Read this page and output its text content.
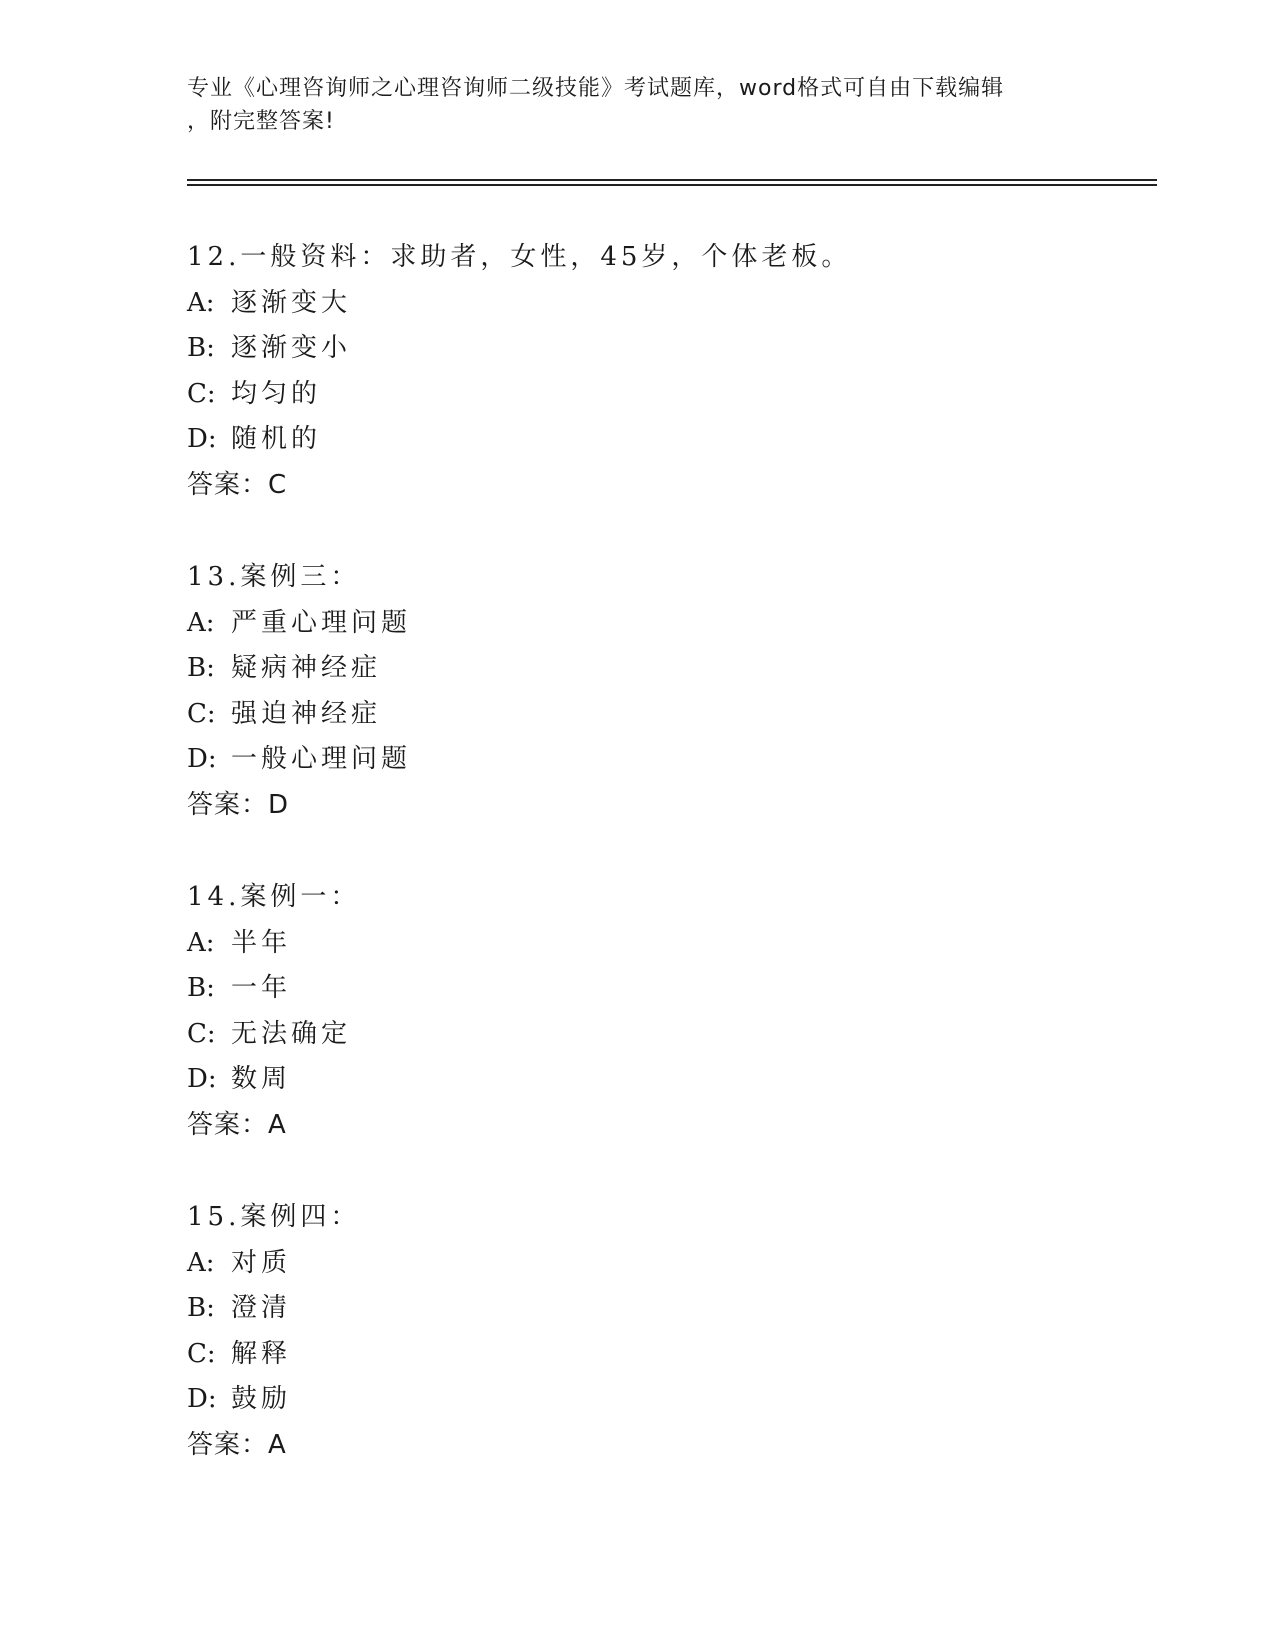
专业《心理咨询师之心理咨询师二级技能》考试题库，word格式可自由下载编辑
，附完整答案!
12.一般资料：求助者，女性，45岁，个体老板。
A: 逐渐变大
B: 逐渐变小
C: 均匀的
D: 随机的
答案：C
13.案例三：
A: 严重心理问题
B: 疑病神经症
C: 强迫神经症
D: 一般心理问题
答案：D
14.案例一：
A: 半年
B: 一年
C: 无法确定
D: 数周
答案：A
15.案例四：
A: 对质
B: 澄清
C: 解释
D: 鼓励
答案：A
